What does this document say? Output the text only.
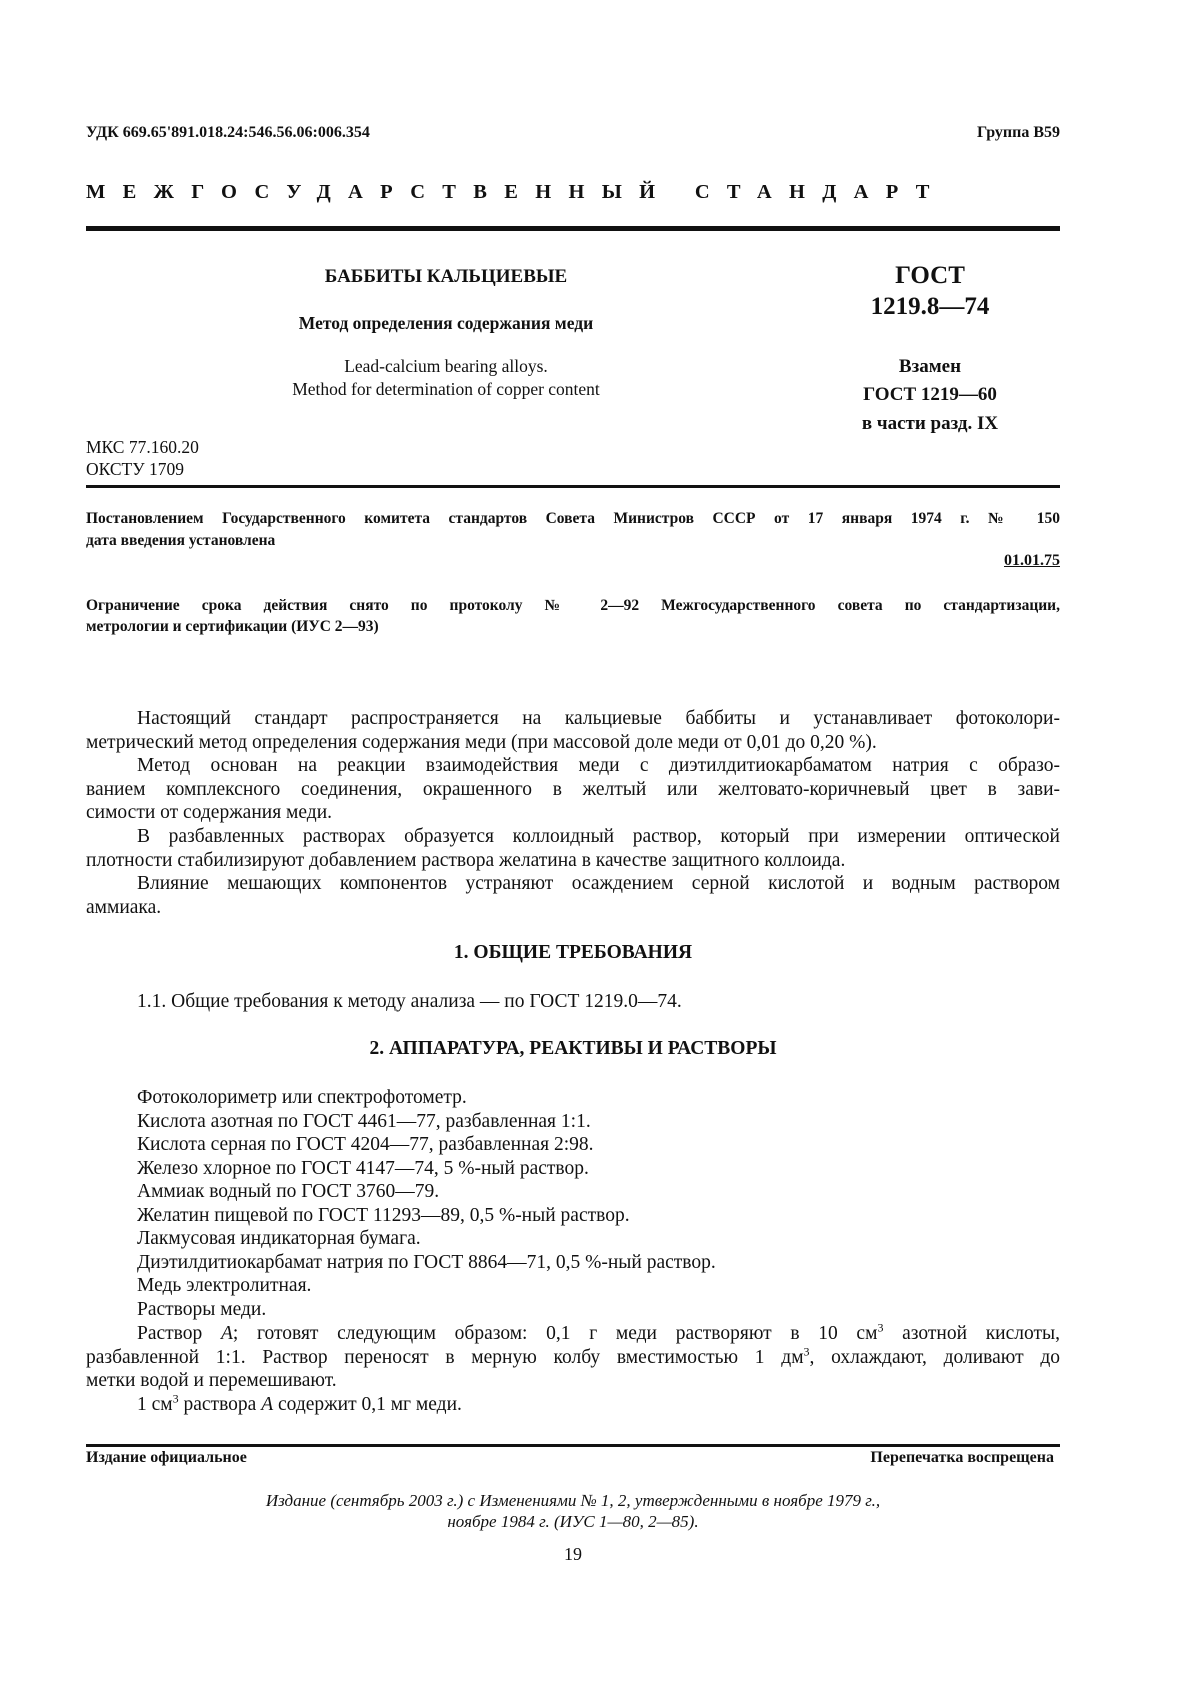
УДК 669.65'891.018.24:546.56.06:006.354	Группа В59
МЕЖГОСУДАРСТВЕННЫЙ СТАНДАРТ
БАББИТЫ КАЛЬЦИЕВЫЕ
Метод определения содержания меди
Lead-calcium bearing alloys.
Method for determination of copper content
ГОСТ
1219.8—74
Взамен
ГОСТ 1219—60
в части разд. IX
МКС 77.160.20
ОКСТУ 1709
Постановлением Государственного комитета стандартов Совета Министров СССР от 17 января 1974 г. № 150
дата введения установлена
01.01.75
Ограничение срока действия снято по протоколу № 2—92 Межгосударственного совета по стандартизации,
метрологии и сертификации (ИУС 2—93)
Настоящий стандарт распространяется на кальциевые баббиты и устанавливает фотоколори-
метрический метод определения содержания меди (при массовой доле меди от 0,01 до 0,20 %).
Метод основан на реакции взаимодействия меди с диэтилдитиокарбаматом натрия с образо-
ванием комплексного соединения, окрашенного в желтый или желтовато-коричневый цвет в зави-
симости от содержания меди.
В разбавленных растворах образуется коллоидный раствор, который при измерении оптической
плотности стабилизируют добавлением раствора желатина в качестве защитного коллоида.
Влияние мешающих компонентов устраняют осаждением серной кислотой и водным раствором
аммиака.
1. ОБЩИЕ ТРЕБОВАНИЯ
1.1. Общие требования к методу анализа — по ГОСТ 1219.0—74.
2. АППАРАТУРА, РЕАКТИВЫ И РАСТВОРЫ
Фотоколориметр или спектрофотометр.
Кислота азотная по ГОСТ 4461—77, разбавленная 1:1.
Кислота серная по ГОСТ 4204—77, разбавленная 2:98.
Железо хлорное по ГОСТ 4147—74, 5 %-ный раствор.
Аммиак водный по ГОСТ 3760—79.
Желатин пищевой по ГОСТ 11293—89, 0,5 %-ный раствор.
Лакмусовая индикаторная бумага.
Диэтилдитиокарбамат натрия по ГОСТ 8864—71, 0,5 %-ный раствор.
Медь электролитная.
Растворы меди.
Раствор А; готовят следующим образом: 0,1 г меди растворяют в 10 $см^3$ азотной кислоты,
разбавленной 1:1. Раствор переносят в мерную колбу вместимостью 1 $дм^3$, охлаждают, доливают до
метки водой и перемешивают.
1 $см^3$ раствора А содержит 0,1 мг меди.
Издание официальное	Перепечатка воспрещена
Издание (сентябрь 2003 г.) с Изменениями № 1, 2, утвержденными в ноябре 1979 г.,
ноябре 1984 г. (ИУС 1—80, 2—85).
19
